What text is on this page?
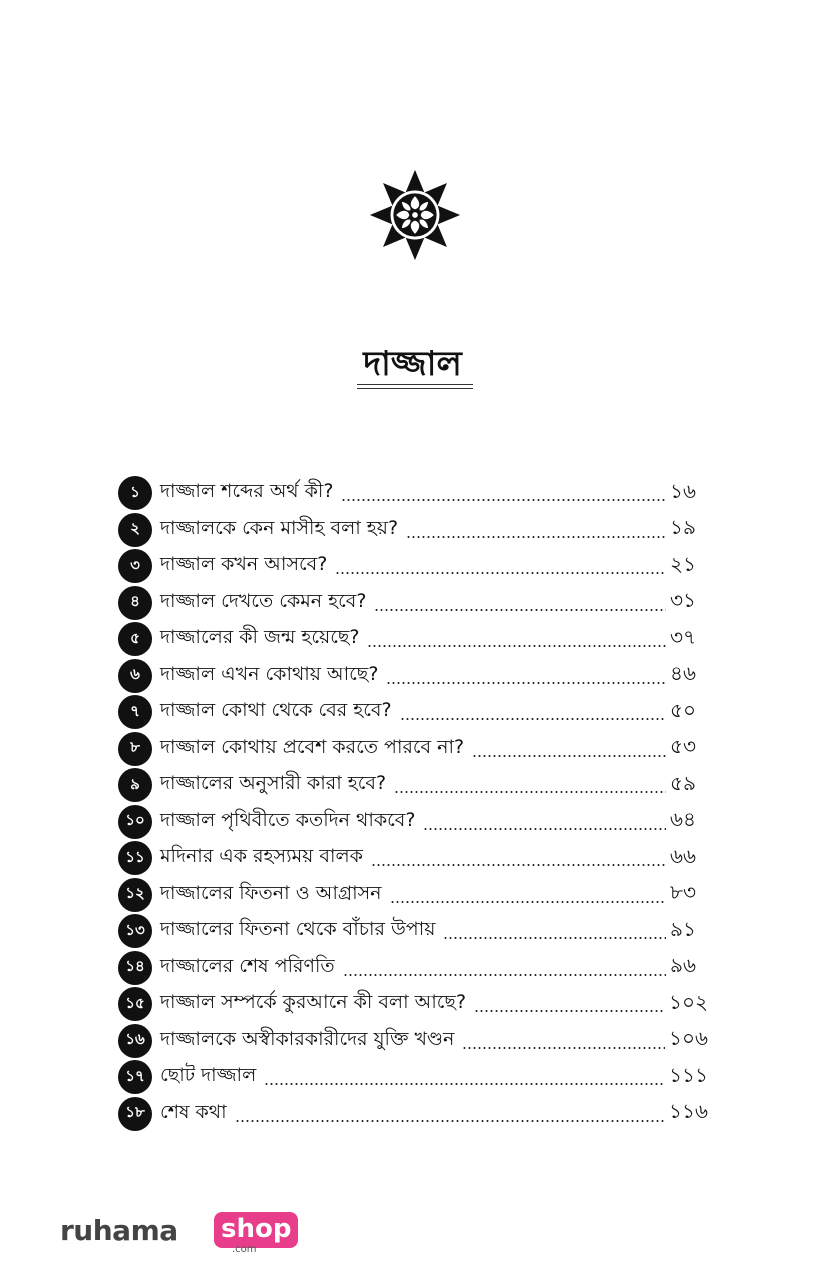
দাজ্জাল
১	দাজ্জাল শব্দের অর্থ কী?	১৬
২	দাজ্জালকে কেন মাসীহ বলা হয়?	১৯
৩	দাজ্জাল কখন আসবে?	২১
৪	দাজ্জাল দেখতে কেমন হবে?	৩১
৫	দাজ্জালের কী জন্ম হয়েছে?	৩৭
৬	দাজ্জাল এখন কোথায় আছে?	৪৬
৭	দাজ্জাল কোথা থেকে বের হবে?	৫০
৮	দাজ্জাল কোথায় প্রবেশ করতে পারবে না?	৫৩
৯	দাজ্জালের অনুসারী কারা হবে?	৫৯
১০ দাজ্জাল পৃথিবীতে কতদিন থাকবে?	৬৪
১১ মদিনার এক রহস্যময় বালক	৬৬
১২ দাজ্জালের ফিতনা ও আগ্রাসন	৮৩
১৩ দাজ্জালের ফিতনা থেকে বাঁচার উপায়	৯১
১৪ দাজ্জালের শেষ পরিণতি	৯৬
১৫ দাজ্জাল সম্পর্কে কুরআনে কী বলা আছে?	১০২
১৬ দাজ্জালকে অস্বীকারকারীদের যুক্তি খণ্ডন	১০৬
১৭ ছোট দাজ্জাল	১১১
১৮ শেষ কথা	১১৬
ruhama shop
.com
